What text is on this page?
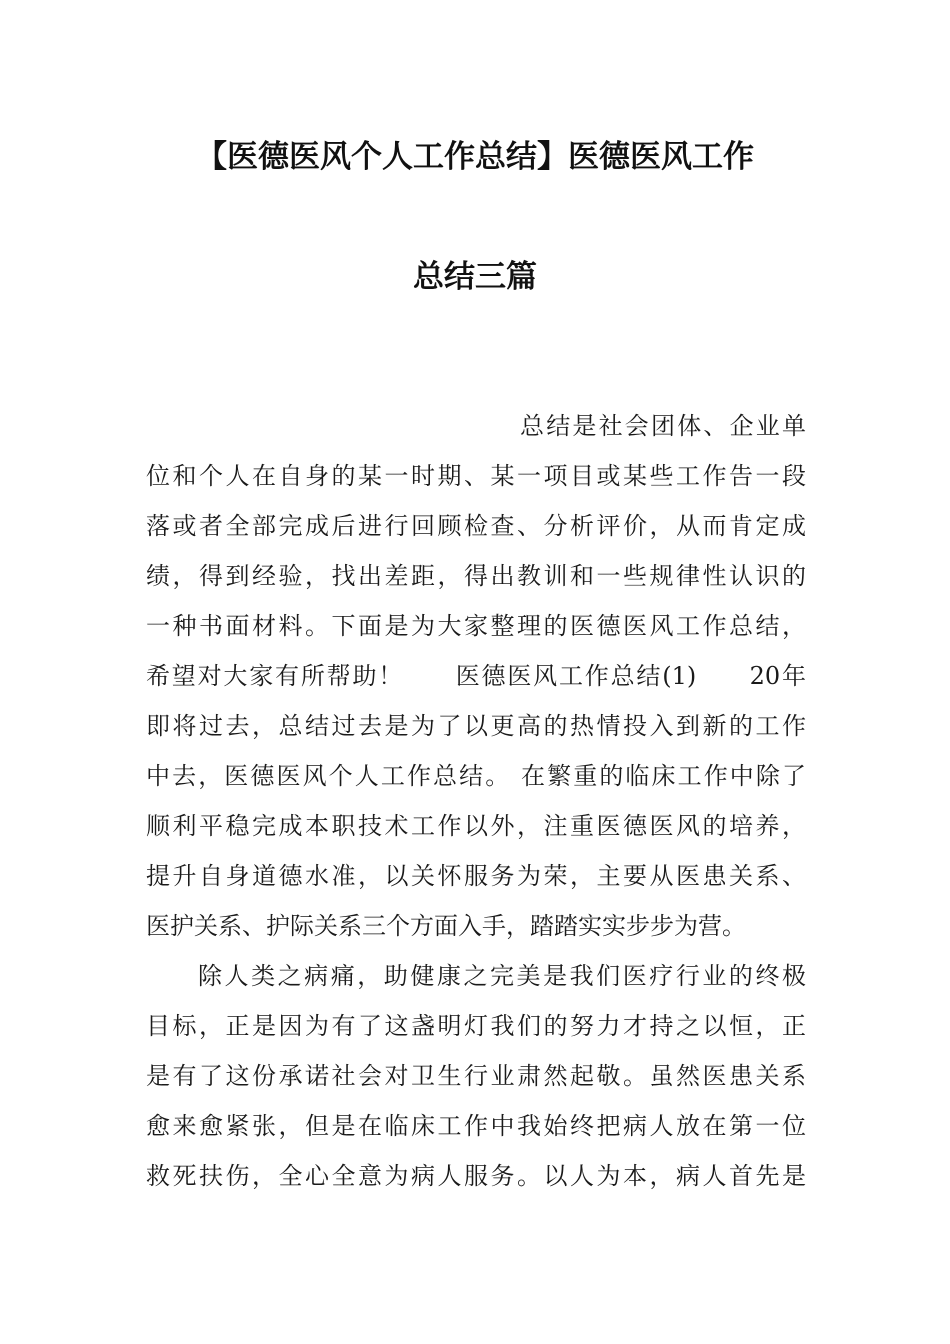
【医德医风个人工作总结】医德医风工作
总结三篇
总结是社会团体、企业单
位和个人在自身的某一时期、某一项目或某些工作告一段
落或者全部完成后进行回顾检查、分析评价，从而肯定成
绩，得到经验，找出差距，得出教训和一些规律性认识的
一种书面材料。下面是为大家整理的医德医风工作总结，
希望对大家有所帮助！　　医德医风工作总结(1)　　20年
即将过去，总结过去是为了以更高的热情投入到新的工作
中去，医德医风个人工作总结。 在繁重的临床工作中除了
顺利平稳完成本职技术工作以外，注重医德医风的培养，
提升自身道德水准，以关怀服务为荣，主要从医患关系、
医护关系、护际关系三个方面入手，踏踏实实步步为营。
除人类之病痛，助健康之完美是我们医疗行业的终极
目标，正是因为有了这盏明灯我们的努力才持之以恒，正
是有了这份承诺社会对卫生行业肃然起敬。虽然医患关系
愈来愈紧张，但是在临床工作中我始终把病人放在第一位
救死扶伤，全心全意为病人服务。以人为本，病人首先是
